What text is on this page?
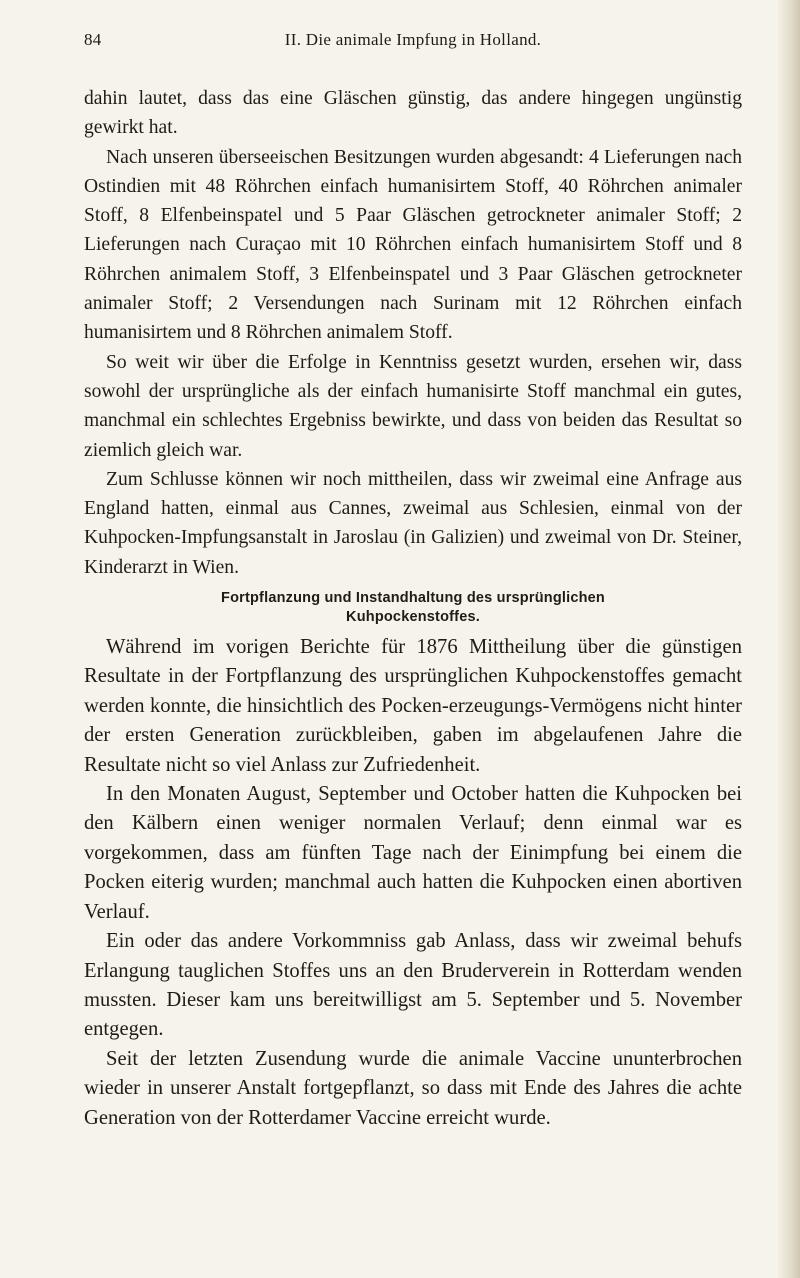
84	II. Die animale Impfung in Holland.

dahin lautet, dass das eine Gläschen günstig, das andere hingegen ungünstig gewirkt hat.

Nach unseren überseeischen Besitzungen wurden abgesandt: 4 Lieferungen nach Ostindien mit 48 Röhrchen einfach humanisirtem Stoff, 40 Röhrchen animaler Stoff, 8 Elfenbeinspatel und 5 Paar Gläschen getrockneter animaler Stoff; 2 Lieferungen nach Curaçao mit 10 Röhrchen einfach humanisirtem Stoff und 8 Röhrchen animalem Stoff, 3 Elfenbeinspatel und 3 Paar Gläschen getrockneter animaler Stoff; 2 Versendungen nach Surinam mit 12 Röhrchen einfach humanisirtem und 8 Röhrchen animalem Stoff.

So weit wir über die Erfolge in Kenntniss gesetzt wurden, ersehen wir, dass sowohl der ursprüngliche als der einfach humanisirte Stoff manchmal ein gutes, manchmal ein schlechtes Ergebniss bewirkte, und dass von beiden das Resultat so ziemlich gleich war.

Zum Schlusse können wir noch mittheilen, dass wir zweimal eine Anfrage aus England hatten, einmal aus Cannes, zweimal aus Schlesien, einmal von der Kuhpocken-Impfungsanstalt in Jaroslau (in Galizien) und zweimal von Dr. Steiner, Kinderarzt in Wien.

Fortpflanzung und Instandhaltung des ursprünglichen
Kuhpockenstoffes.

Während im vorigen Berichte für 1876 Mittheilung über die günstigen Resultate in der Fortpflanzung des ursprünglichen Kuhpockenstoffes gemacht werden konnte, die hinsichtlich des Pocken-erzeugungs-Vermögens nicht hinter der ersten Generation zurückbleiben, gaben im abgelaufenen Jahre die Resultate nicht so viel Anlass zur Zufriedenheit.

In den Monaten August, September und October hatten die Kuhpocken bei den Kälbern einen weniger normalen Verlauf; denn einmal war es vorgekommen, dass am fünften Tage nach der Einimpfung bei einem die Pocken eiterig wurden; manchmal auch hatten die Kuhpocken einen abortiven Verlauf.

Ein oder das andere Vorkommniss gab Anlass, dass wir zweimal behufs Erlangung tauglichen Stoffes uns an den Bruderverein in Rotterdam wenden mussten. Dieser kam uns bereitwilligst am 5. September und 5. November entgegen.

Seit der letzten Zusendung wurde die animale Vaccine ununterbrochen wieder in unserer Anstalt fortgepflanzt, so dass mit Ende des Jahres die achte Generation von der Rotterdamer Vaccine erreicht wurde.
